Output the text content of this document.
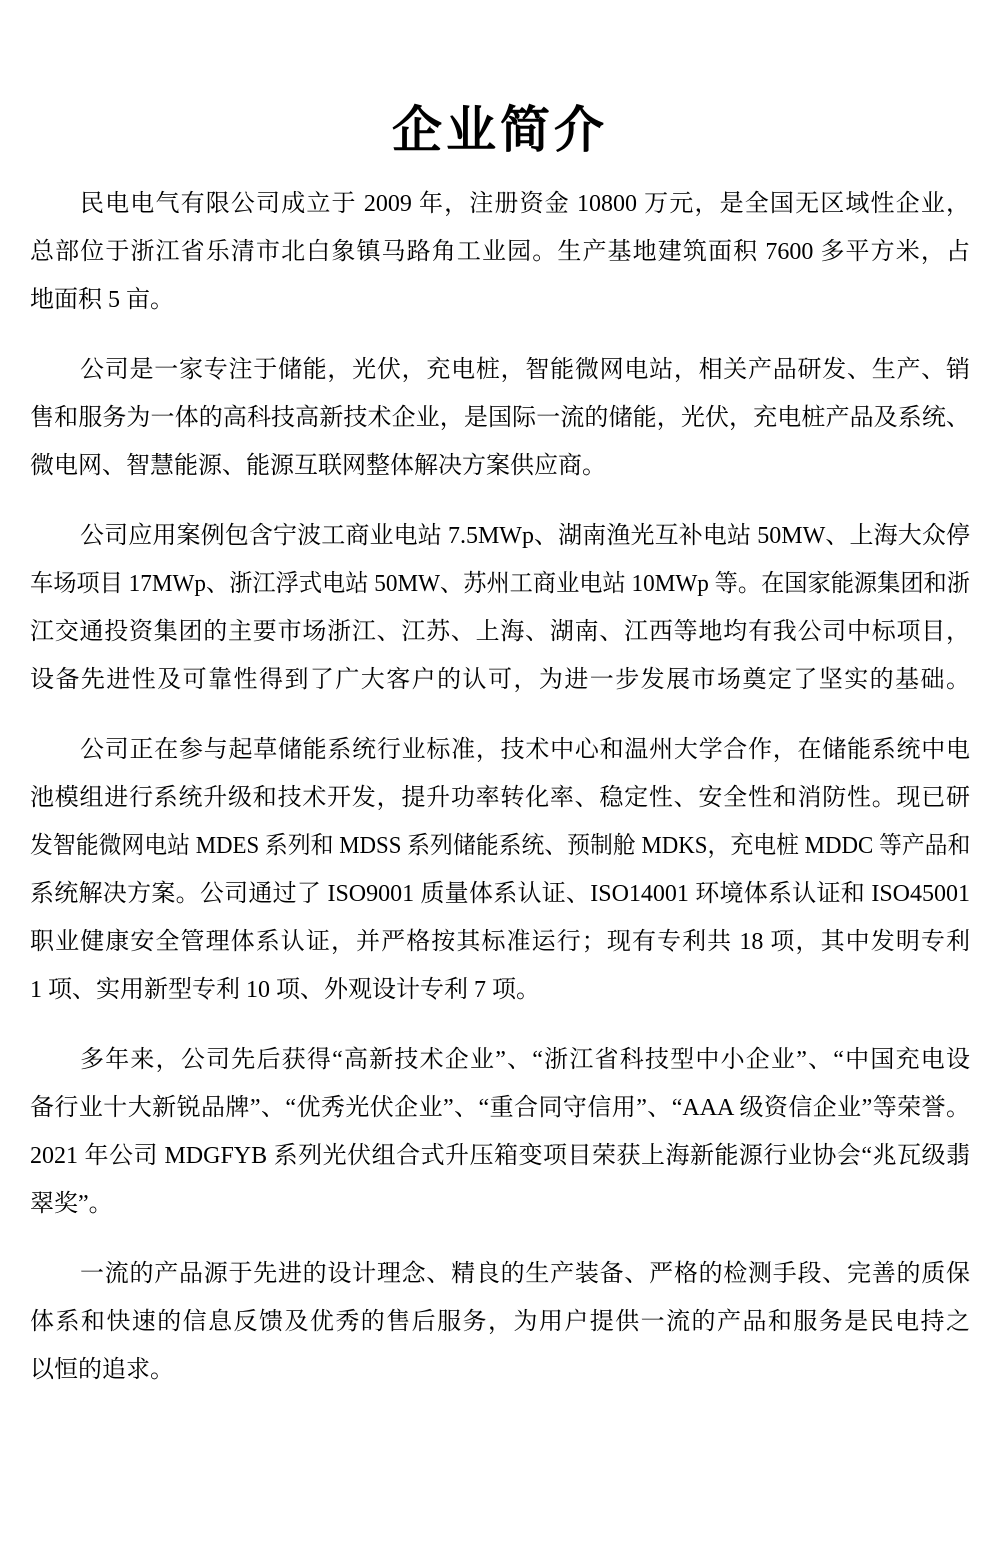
企业简介
民电电气有限公司成立于 2009 年，注册资金 10800 万元，是全国无区域性企业，
总部位于浙江省乐清市北白象镇马路角工业园。生产基地建筑面积 7600 多平方米，占
地面积 5 亩。
公司是一家专注于储能，光伏，充电桩，智能微网电站，相关产品研发、生产、销
售和服务为一体的高科技高新技术企业，是国际一流的储能，光伏，充电桩产品及系统、
微电网、智慧能源、能源互联网整体解决方案供应商。
公司应用案例包含宁波工商业电站 7.5MWp、湖南渔光互补电站 50MW、上海大众停
车场项目 17MWp、浙江浮式电站 50MW、苏州工商业电站 10MWp 等。在国家能源集团和浙
江交通投资集团的主要市场浙江、江苏、上海、湖南、江西等地均有我公司中标项目，
设备先进性及可靠性得到了广大客户的认可，为进一步发展市场奠定了坚实的基础。
公司正在参与起草储能系统行业标准，技术中心和温州大学合作，在储能系统中电
池模组进行系统升级和技术开发，提升功率转化率、稳定性、安全性和消防性。现已研
发智能微网电站 MDES 系列和 MDSS 系列储能系统、预制舱 MDKS，充电桩 MDDC 等产品和
系统解决方案。公司通过了 ISO9001 质量体系认证、ISO14001 环境体系认证和 ISO45001
职业健康安全管理体系认证，并严格按其标准运行；现有专利共 18 项，其中发明专利
1 项、实用新型专利 10 项、外观设计专利 7 项。
多年来，公司先后获得“高新技术企业”、“浙江省科技型中小企业”、“中国充电设
备行业十大新锐品牌”、“优秀光伏企业”、“重合同守信用”、“AAA 级资信企业”等荣誉。
2021 年公司 MDGFYB 系列光伏组合式升压箱变项目荣获上海新能源行业协会“兆瓦级翡
翠奖”。
一流的产品源于先进的设计理念、精良的生产装备、严格的检测手段、完善的质保
体系和快速的信息反馈及优秀的售后服务，为用户提供一流的产品和服务是民电持之
以恒的追求。
